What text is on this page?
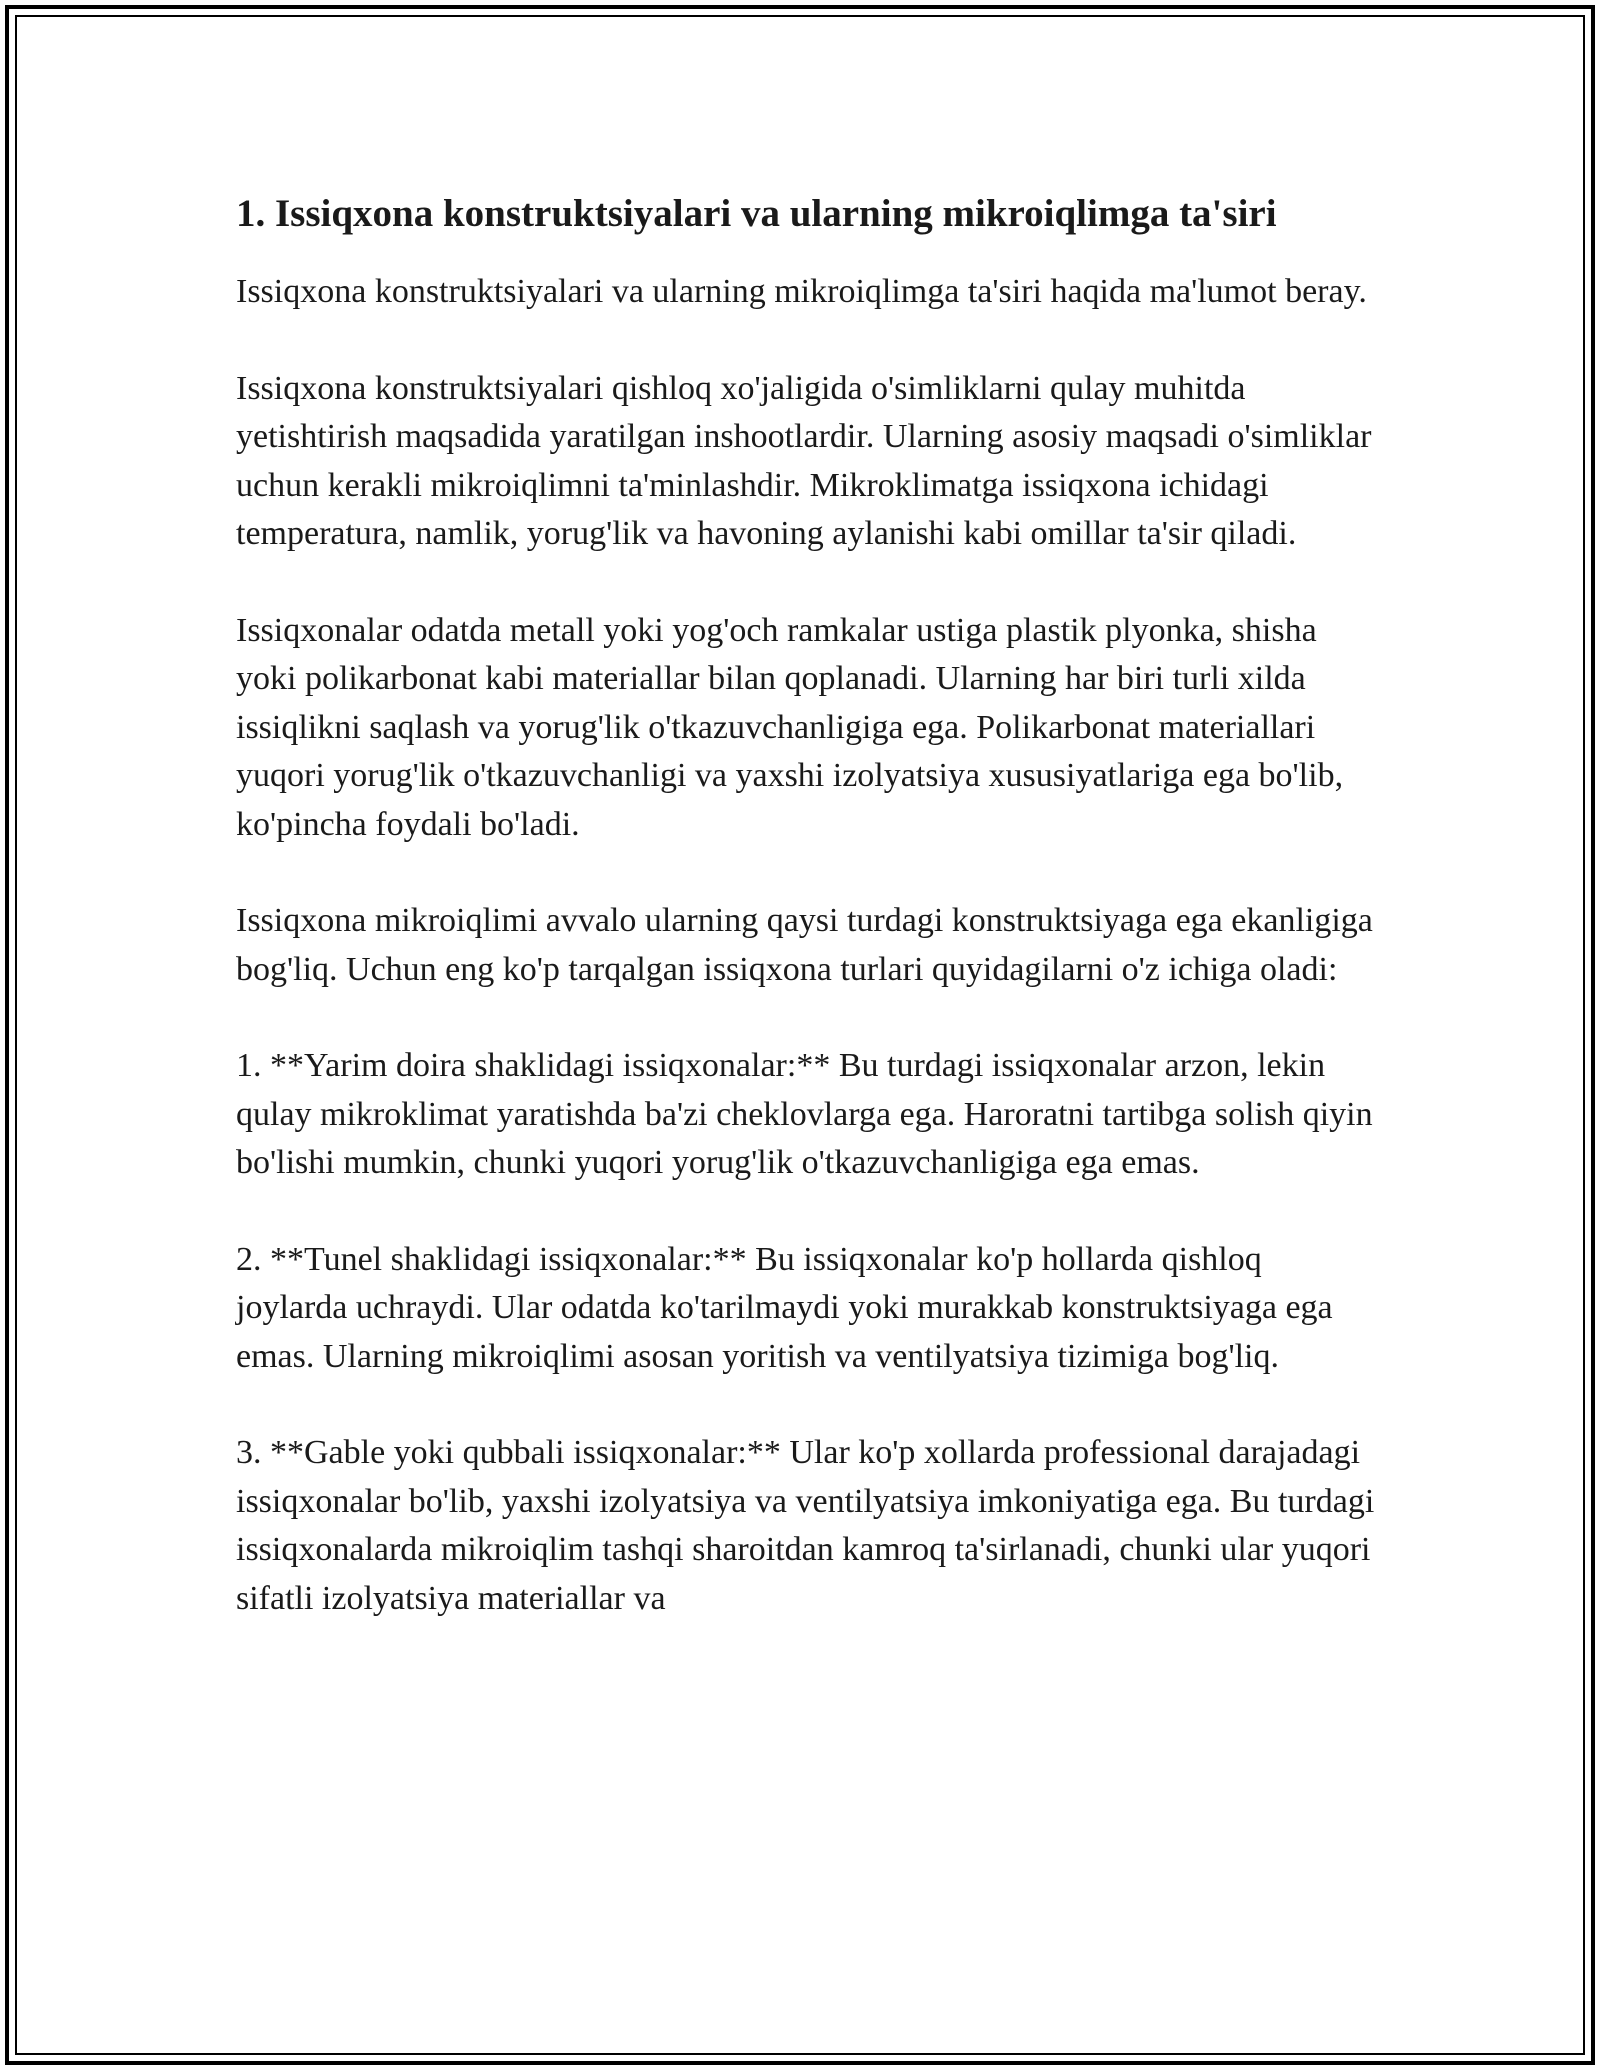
1. Issiqxona konstruktsiyalari va ularning mikroiqlimga ta'siri

Issiqxona konstruktsiyalari va ularning mikroiqlimga ta'siri haqida ma'lumot beray.

Issiqxona konstruktsiyalari qishloq xo'jaligida o'simliklarni qulay muhitda yetishtirish maqsadida yaratilgan inshootlardir. Ularning asosiy maqsadi o'simliklar uchun kerakli mikroiqlimni ta'minlashdir. Mikroklimatga issiqxona ichidagi temperatura, namlik, yorug'lik va havoning aylanishi kabi omillar ta'sir qiladi.

Issiqxonalar odatda metall yoki yog'och ramkalar ustiga plastik plyonka, shisha yoki polikarbonat kabi materiallar bilan qoplanadi. Ularning har biri turli xilda issiqlikni saqlash va yorug'lik o'tkazuvchanligiga ega. Polikarbonat materiallari yuqori yorug'lik o'tkazuvchanligi va yaxshi izolyatsiya xususiyatlariga ega bo'lib, ko'pincha foydali bo'ladi.

Issiqxona mikroiqlimi avvalo ularning qaysi turdagi konstruktsiyaga ega ekanligiga bog'liq. Uchun eng ko'p tarqalgan issiqxona turlari quyidagilarni o'z ichiga oladi:

1. **Yarim doira shaklidagi issiqxonalar:** Bu turdagi issiqxonalar arzon, lekin qulay mikroklimat yaratishda ba'zi cheklovlarga ega. Haroratni tartibga solish qiyin bo'lishi mumkin, chunki yuqori yorug'lik o'tkazuvchanligiga ega emas.

2. **Tunel shaklidagi issiqxonalar:** Bu issiqxonalar ko'p hollarda qishloq joylarda uchraydi. Ular odatda ko'tarilmaydi yoki murakkab konstruktsiyaga ega emas. Ularning mikroiqlimi asosan yoritish va ventilyatsiya tizimiga bog'liq.

3. **Gable yoki qubbali issiqxonalar:** Ular ko'p xollarda professional darajadagi issiqxonalar bo'lib, yaxshi izolyatsiya va ventilyatsiya imkoniyatiga ega. Bu turdagi issiqxonalarda mikroiqlim tashqi sharoitdan kamroq ta'sirlanadi, chunki ular yuqori sifatli izolyatsiya materiallar va
